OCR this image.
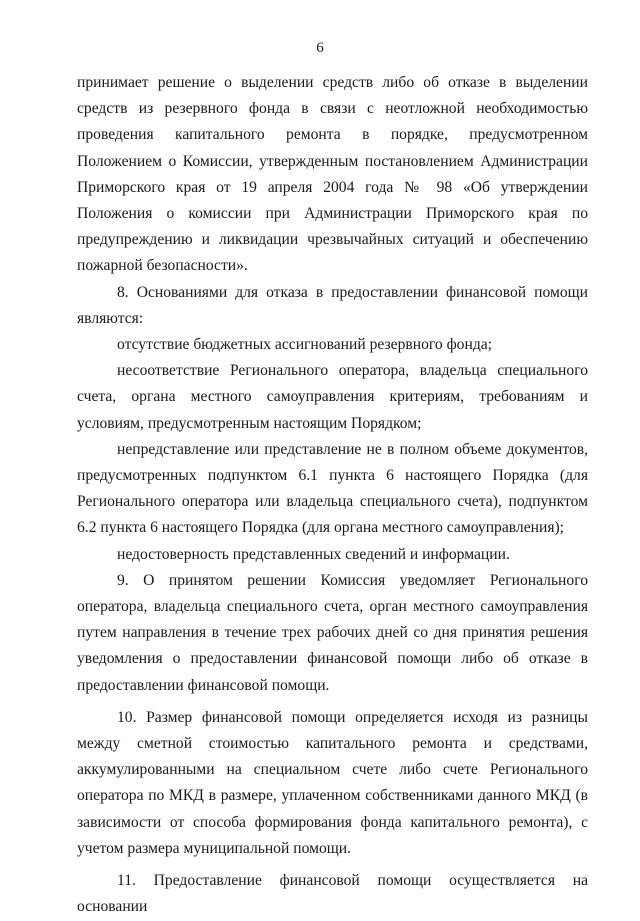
6

принимает решение о выделении средств либо об отказе в выделении средств из резервного фонда в связи с неотложной необходимостью проведения капитального ремонта в порядке, предусмотренном Положением о Комиссии, утвержденным постановлением Администрации Приморского края от 19 апреля 2004 года № 98 «Об утверждении Положения о комиссии при Администрации Приморского края по предупреждению и ликвидации чрезвычайных ситуаций и обеспечению пожарной безопасности».

8. Основаниями для отказа в предоставлении финансовой помощи являются:

отсутствие бюджетных ассигнований резервного фонда;

несоответствие Регионального оператора, владельца специального счета, органа местного самоуправления критериям, требованиям и условиям, предусмотренным настоящим Порядком;

непредставление или представление не в полном объеме документов, предусмотренных подпунктом 6.1 пункта 6 настоящего Порядка (для Регионального оператора или владельца специального счета), подпунктом 6.2 пункта 6 настоящего Порядка (для органа местного самоуправления);

недостоверность представленных сведений и информации.

9. О принятом решении Комиссия уведомляет Регионального оператора, владельца специального счета, орган местного самоуправления путем направления в течение трех рабочих дней со дня принятия решения уведомления о предоставлении финансовой помощи либо об отказе в предоставлении финансовой помощи.

10. Размер финансовой помощи определяется исходя из разницы между сметной стоимостью капитального ремонта и средствами, аккумулированными на специальном счете либо счете Регионального оператора по МКД в размере, уплаченном собственниками данного МКД (в зависимости от способа формирования фонда капитального ремонта), с учетом размера муниципальной помощи.

11. Предоставление финансовой помощи осуществляется на основании
